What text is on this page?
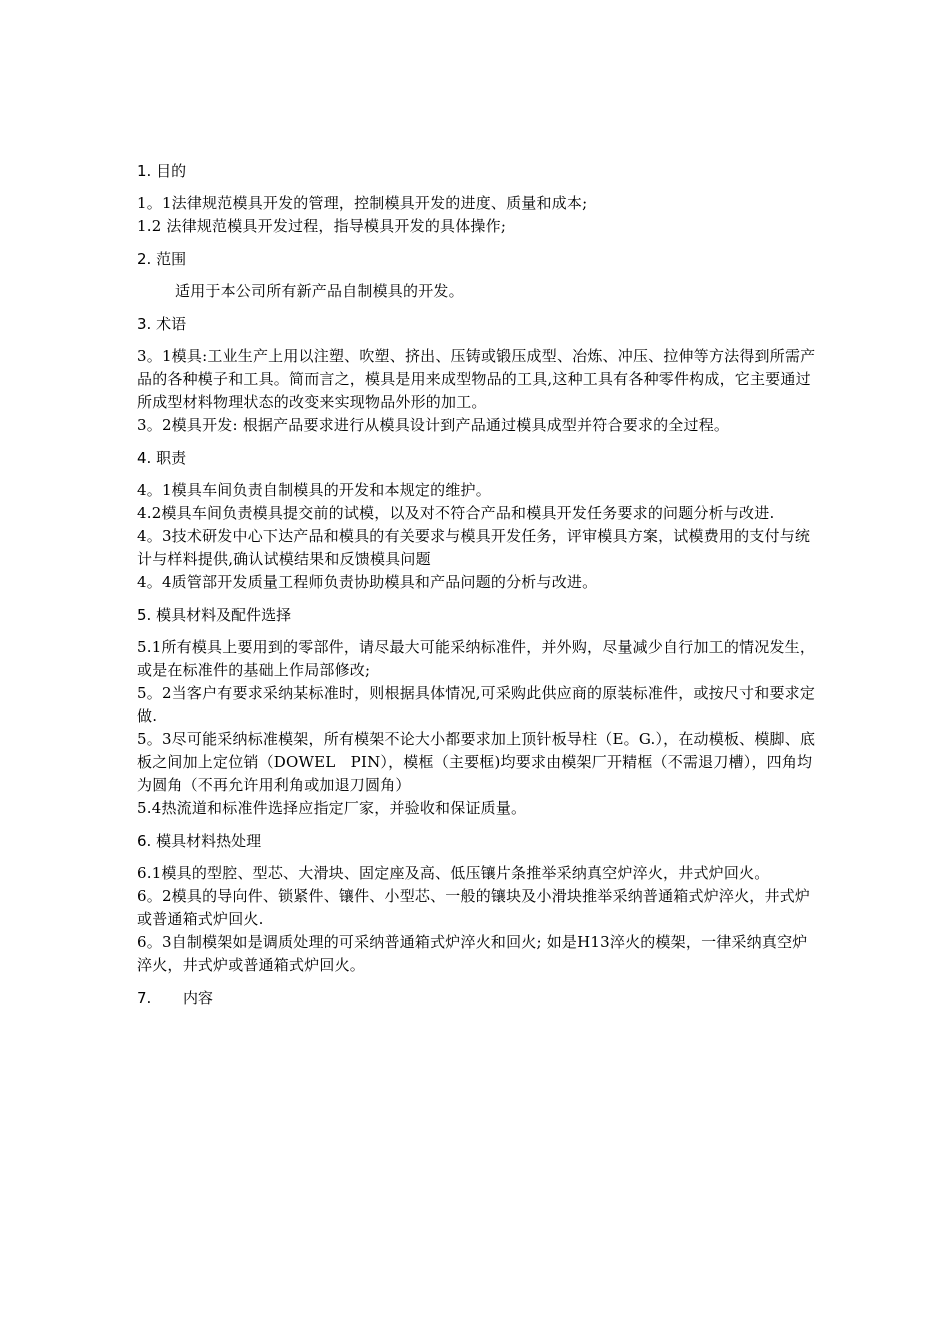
1. 目的

1。1法律规范模具开发的管理，控制模具开发的进度、质量和成本;

1.2 法律规范模具开发过程，指导模具开发的具体操作;

2. 范围

适用于本公司所有新产品自制模具的开发。

3. 术语

3。1模具:工业生产上用以注塑、吹塑、挤出、压铸或锻压成型、冶炼、冲压、拉伸等方法得到所需产品的各种模子和工具。简而言之，模具是用来成型物品的工具,这种工具有各种零件构成，它主要通过所成型材料物理状态的改变来实现物品外形的加工。

3。2模具开发: 根据产品要求进行从模具设计到产品通过模具成型并符合要求的全过程。

4. 职责

4。1模具车间负责自制模具的开发和本规定的维护。

4.2模具车间负责模具提交前的试模，以及对不符合产品和模具开发任务要求的问题分析与改进.

4。3技术研发中心下达产品和模具的有关要求与模具开发任务，评审模具方案，试模费用的支付与统计与样料提供,确认试模结果和反馈模具问题

4。4质管部开发质量工程师负责协助模具和产品问题的分析与改进。

5. 模具材料及配件选择

5.1所有模具上要用到的零部件，请尽最大可能采纳标准件，并外购，尽量减少自行加工的情况发生，或是在标准件的基础上作局部修改;

5。2当客户有要求采纳某标准时，则根据具体情况,可采购此供应商的原装标准件，或按尺寸和要求定做.

5。3尽可能采纳标准模架，所有模架不论大小都要求加上顶针板导柱（E。G.），在动模板、模脚、底板之间加上定位销（DOWEL　PIN），模框（主要框)均要求由模架厂开精框（不需退刀槽），四角均为圆角（不再允许用利角或加退刀圆角）

5.4热流道和标准件选择应指定厂家，并验收和保证质量。

6. 模具材料热处理

6.1模具的型腔、型芯、大滑块、固定座及高、低压镶片条推举采纳真空炉淬火，井式炉回火。

6。2模具的导向件、锁紧件、镶件、小型芯、一般的镶块及小滑块推举采纳普通箱式炉淬火，井式炉或普通箱式炉回火.

6。3自制模架如是调质处理的可采纳普通箱式炉淬火和回火; 如是H13淬火的模架，一律采纳真空炉淬火，井式炉或普通箱式炉回火。

7. 内容
